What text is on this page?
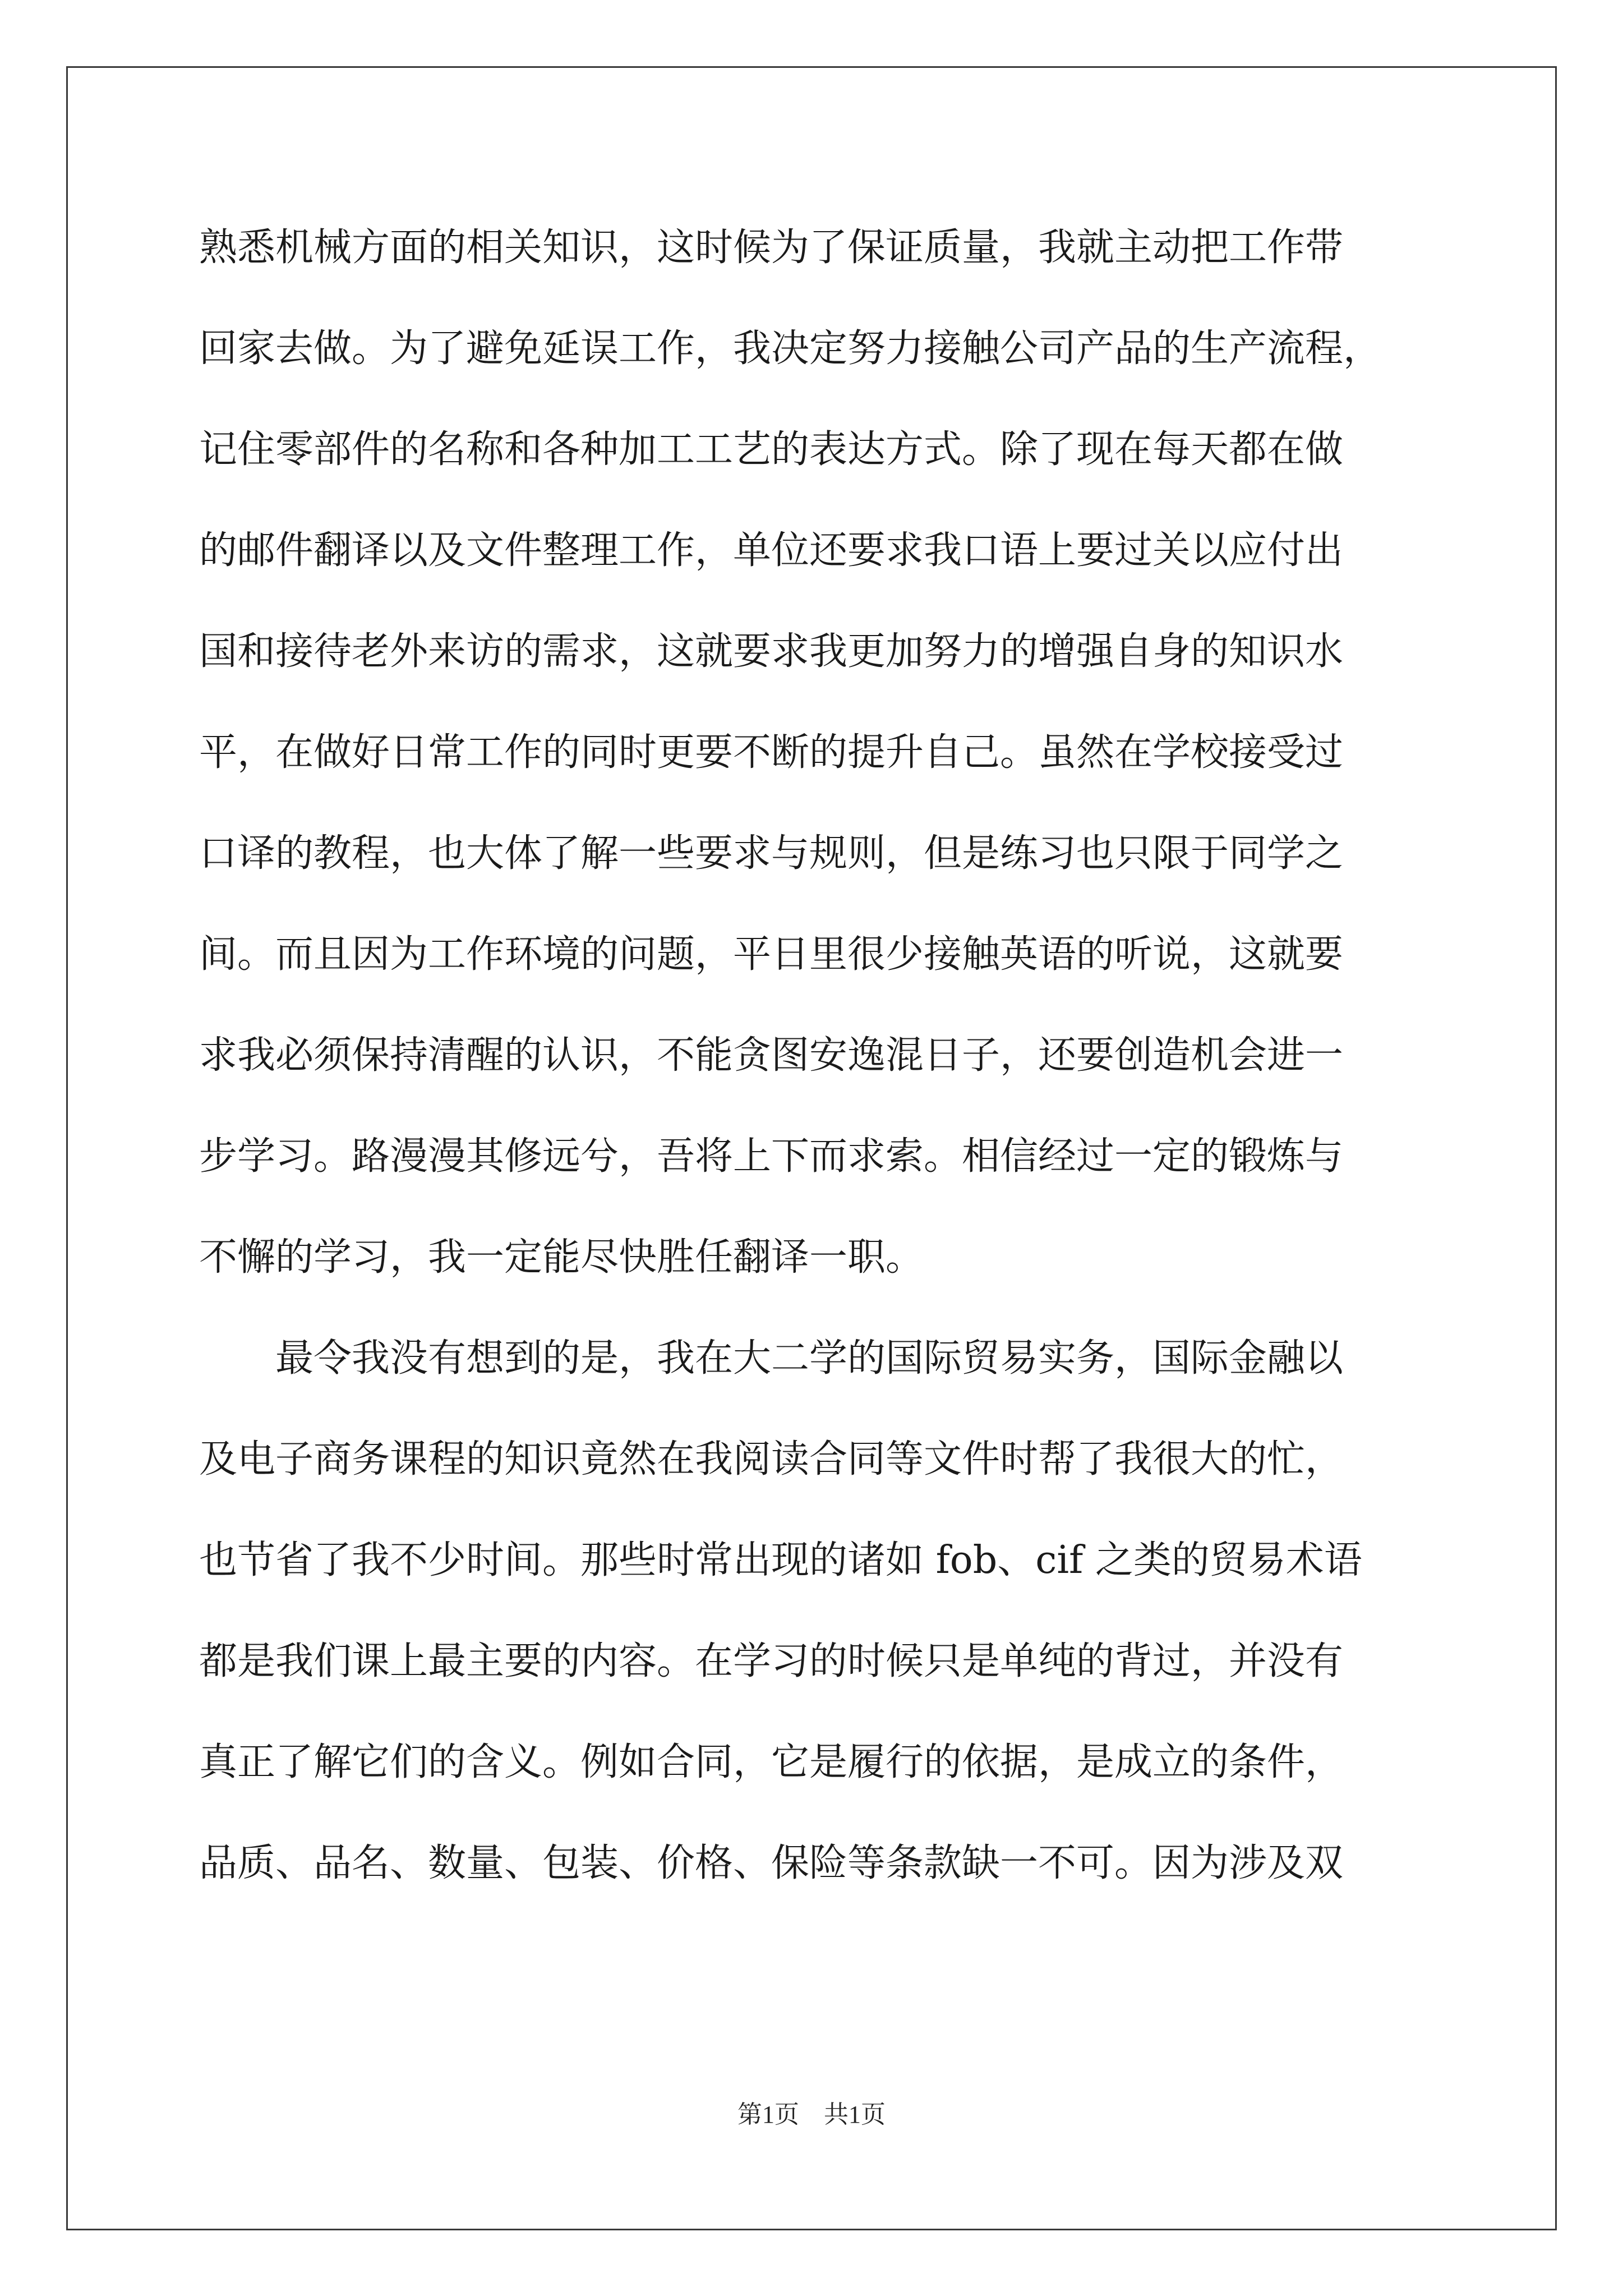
熟悉机械方面的相关知识，这时候为了保证质量，我就主动把工作带
回家去做。为了避免延误工作，我决定努力接触公司产品的生产流程，
记住零部件的名称和各种加工工艺的表达方式。除了现在每天都在做
的邮件翻译以及文件整理工作，单位还要求我口语上要过关以应付出
国和接待老外来访的需求，这就要求我更加努力的增强自身的知识水
平，在做好日常工作的同时更要不断的提升自己。虽然在学校接受过
口译的教程，也大体了解一些要求与规则，但是练习也只限于同学之
间。而且因为工作环境的问题，平日里很少接触英语的听说，这就要
求我必须保持清醒的认识，不能贪图安逸混日子，还要创造机会进一
步学习。路漫漫其修远兮，吾将上下而求索。相信经过一定的锻炼与
不懈的学习，我一定能尽快胜任翻译一职。
　　最令我没有想到的是，我在大二学的国际贸易实务，国际金融以
及电子商务课程的知识竟然在我阅读合同等文件时帮了我很大的忙，
也节省了我不少时间。那些时常出现的诸如 fob、cif 之类的贸易术语
都是我们课上最主要的内容。在学习的时候只是单纯的背过，并没有
真正了解它们的含义。例如合同，它是履行的依据，是成立的条件，
品质、品名、数量、包装、价格、保险等条款缺一不可。因为涉及双
第1页　共1页
